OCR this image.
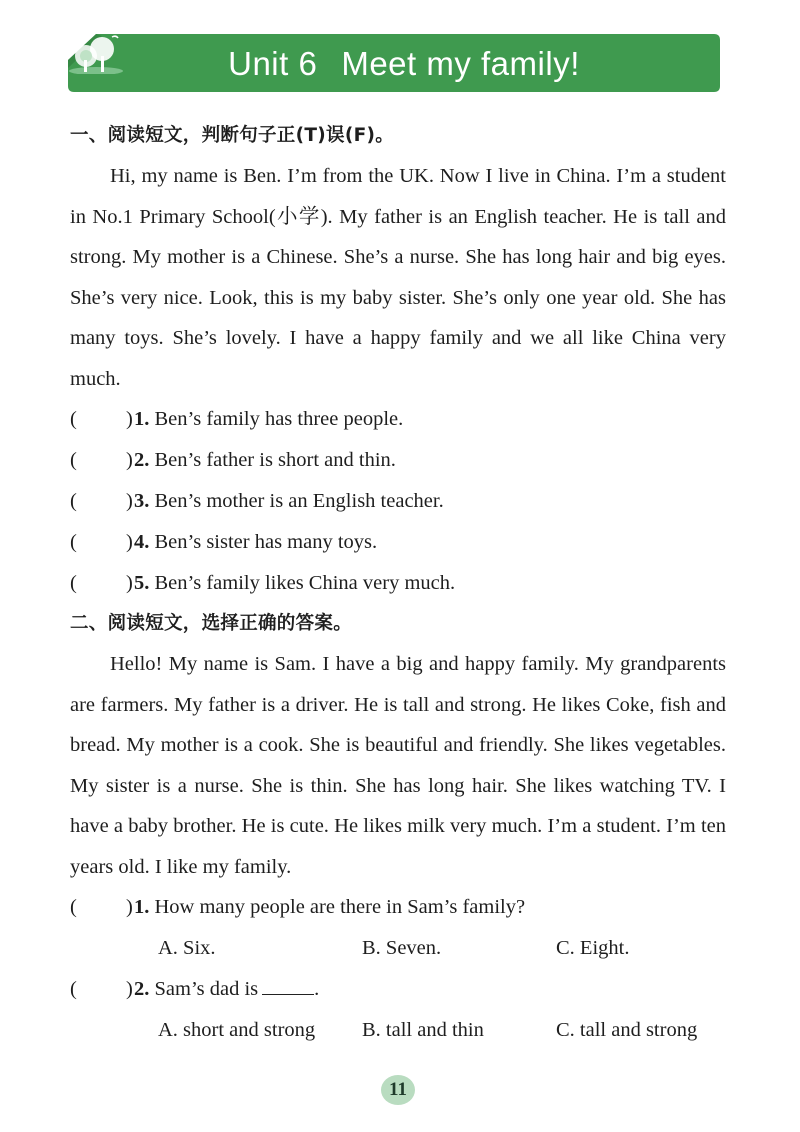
Unit 6 Meet my family!
一、阅读短文，判断句子正(T)误(F)。

Hi, my name is Ben. I’m from the UK. Now I live in China. I’m a student in No.1 Primary School(小学). My father is an English teacher. He is tall and strong. My mother is a Chinese. She’s a nurse. She has long hair and big eyes. She’s very nice. Look, this is my baby sister. She’s only one year old. She has many toys. She’s lovely. I have a happy family and we all like China very much.

( ) 1. Ben’s family has three people.
( ) 2. Ben’s father is short and thin.
( ) 3. Ben’s mother is an English teacher.
( ) 4. Ben’s sister has many toys.
( ) 5. Ben’s family likes China very much.
二、阅读短文，选择正确的答案。

Hello! My name is Sam. I have a big and happy family. My grandparents are farmers. My father is a driver. He is tall and strong. He likes Coke, fish and bread. My mother is a cook. She is beautiful and friendly. She likes vegetables. My sister is a nurse. She is thin. She has long hair. She likes watching TV. I have a baby brother. He is cute. He likes milk very much. I’m a student. I’m ten years old. I like my family.

( ) 1. How many people are there in Sam’s family?
A. Six.	B. Seven.	C. Eight.
( ) 2. Sam’s dad is	.
A. short and strong B. tall and thin	C. tall and strong
11
